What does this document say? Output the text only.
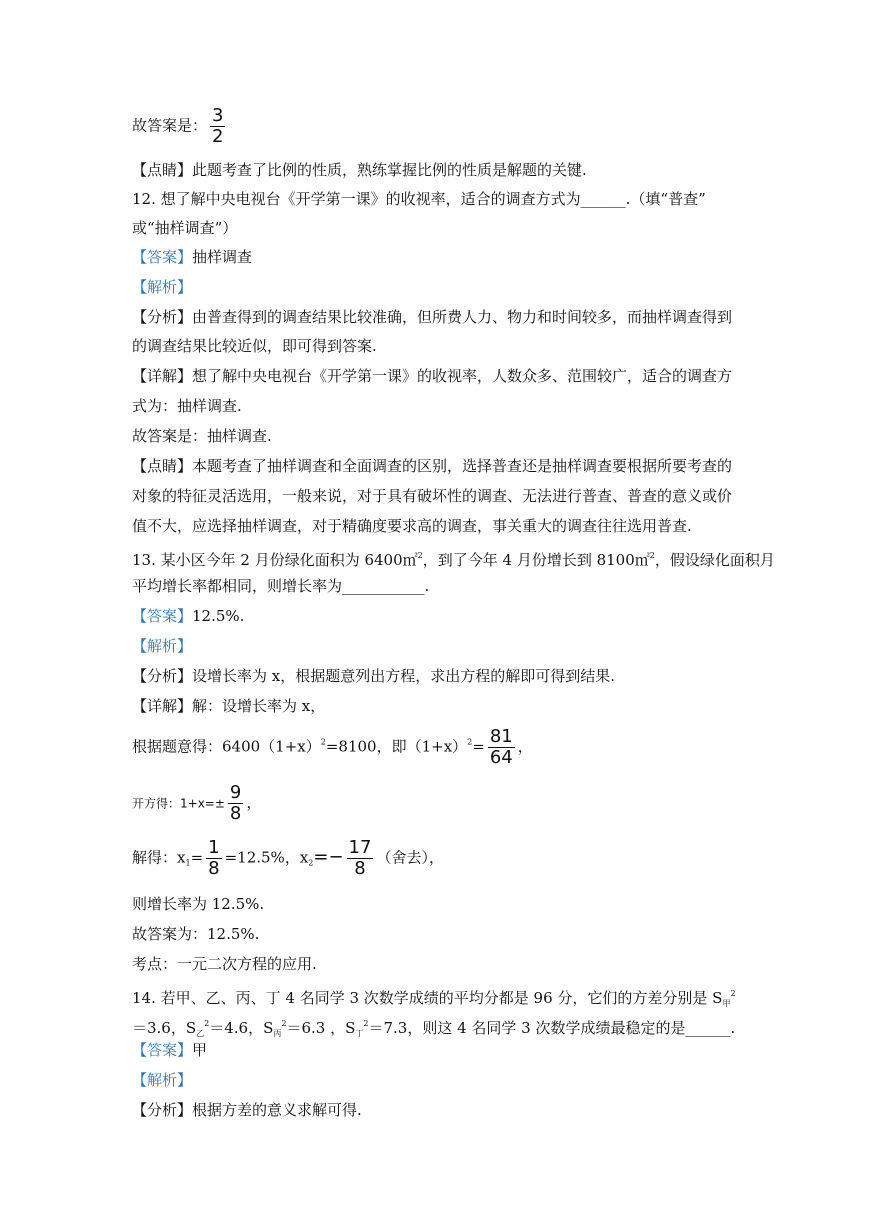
故答案是： $\frac{3}{2}$
【点睛】此题考查了比例的性质，熟练掌握比例的性质是解题的关键.
12. 想了解中央电视台《开学第一课》的收视率，适合的调查方式为______.（填“普查”
或“抽样调查”）
【答案】抽样调查
【解析】
【分析】由普查得到的调查结果比较准确，但所费人力、物力和时间较多，而抽样调查得到
的调查结果比较近似，即可得到答案.
【详解】想了解中央电视台《开学第一课》的收视率，人数众多、范围较广，适合的调查方
式为：抽样调查.
故答案是：抽样调查.
【点睛】本题考查了抽样调查和全面调查的区别，选择普查还是抽样调查要根据所要考查的
对象的特征灵活选用，一般来说，对于具有破坏性的调查、无法进行普查、普查的意义或价
值不大，应选择抽样调查，对于精确度要求高的调查，事关重大的调查往往选用普查.
13. 某小区今年 2 月份绿化面积为 6400㎡$^2$，到了今年 4 月份增长到 8100㎡$^2$，假设绿化面积月
平均增长率都相同，则增长率为___________.
【答案】12.5%.
【解析】
【分析】设增长率为 x，根据题意列出方程，求出方程的解即可得到结果.
【详解】解：设增长率为 x，
根据题意得：$6400(1+x)^2=8100$，即$(1+x)^2= \frac{81}{64}$ ，
开方得：$1+x=\pm \frac{9}{8}$ ，
解得：$x_1= \frac{1}{8} =12.5\%$，$x_2=- \frac{17}{8}$ （舍去），
则增长率为 12.5%.
故答案为：12.5%.
考点：一元二次方程的应用.
14. 若甲、乙、丙、丁 4 名同学 3 次数学成绩的平均分都是 96 分，它们的方差分别是 $S_甲^2$
＝3.6，$S_乙^2=4.6$，$S_丙^2=6.3$ ，$S_丁^2=7.3$，则这 4 名同学 3 次数学成绩最稳定的是______.
【答案】甲
【解析】
【分析】根据方差的意义求解可得.
